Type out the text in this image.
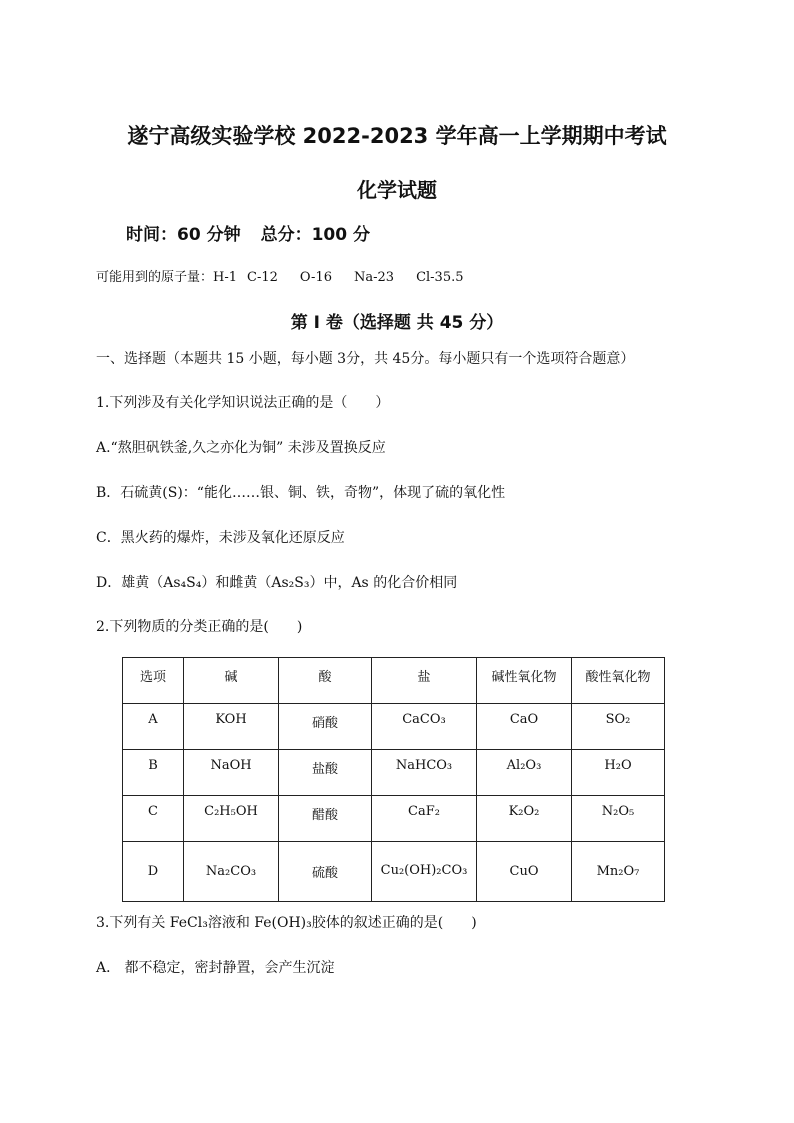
遂宁高级实验学校 2022-2023 学年高一上学期期中考试
化学试题
时间：60 分钟 总分：100 分
可能用到的原子量：H-1 C-12 O-16 Na-23 Cl-35.5
第 I 卷（选择题 共 45 分）
一、选择题（本题共 15 小题，每小题 3分，共 45分。每小题只有一个选项符合题意）
1.下列涉及有关化学知识说法正确的是（　　）
A.“熬胆矾铁釜,久之亦化为铜” 未涉及置换反应
B．石硫黄(S)：“能化……银、铜、铁，奇物”，体现了硫的氧化性
C．黑火药的爆炸，未涉及氧化还原反应
D．雄黄（As₄S₄）和雌黄（As₂S₃）中，As 的化合价相同
2.下列物质的分类正确的是(　　)
选项	碱	酸	盐	碱性氧化物	酸性氧化物
A	KOH	硝酸	CaCO₃	CaO	SO₂
B	NaOH	盐酸	NaHCO₃	Al₂O₃	H₂O
C	C₂H₅OH	醋酸	CaF₂	K₂O₂	N₂O₅
D	Na₂CO₃	硫酸	Cu₂(OH)₂CO₃	CuO	Mn₂O₇
3.下列有关 FeCl₃溶液和 Fe(OH)₃胶体的叙述正确的是(　　)
A． 都不稳定，密封静置，会产生沉淀
